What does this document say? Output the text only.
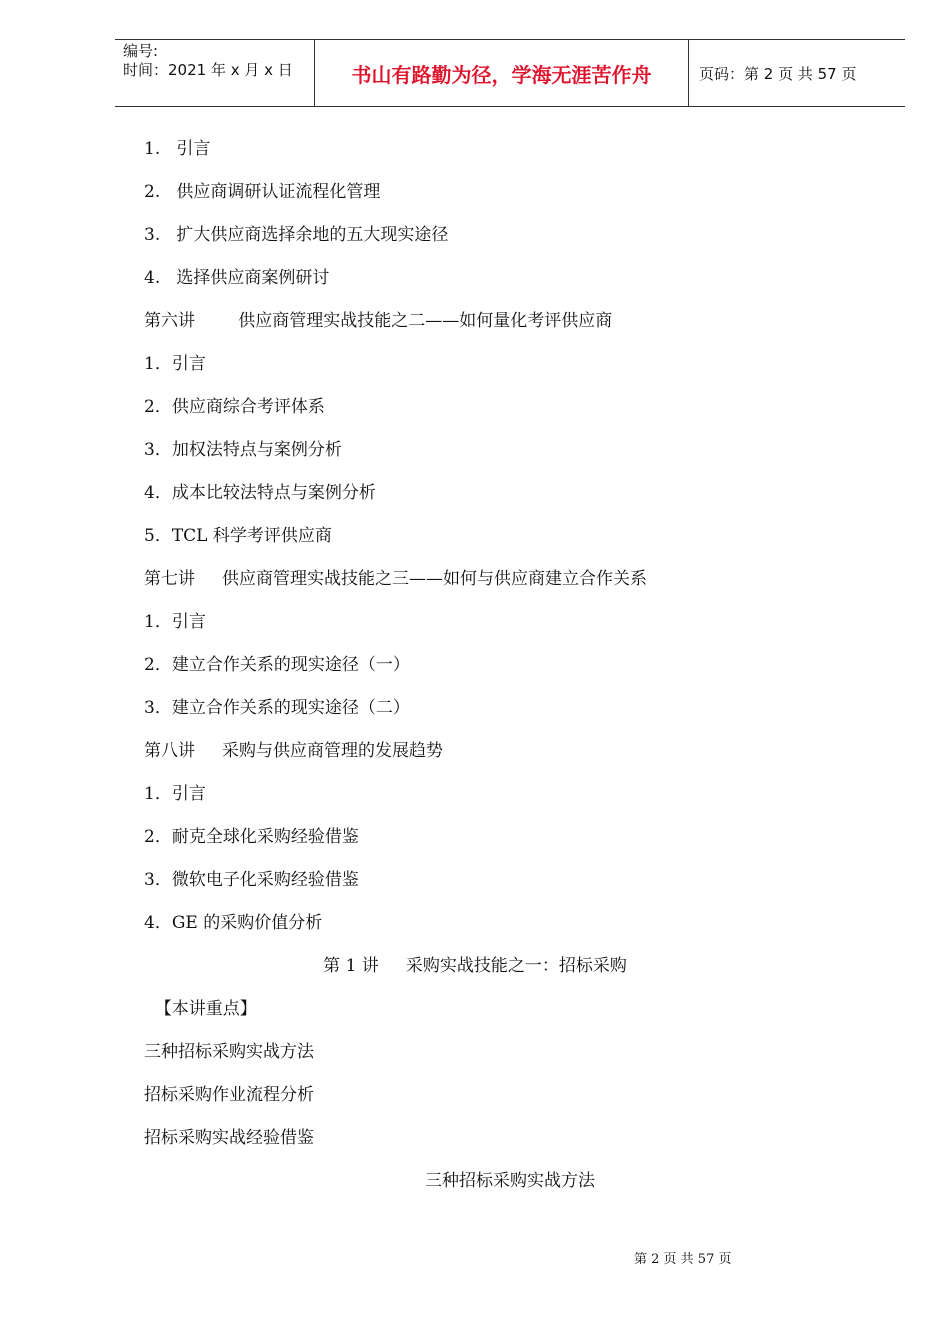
编号:
时间：2021 年 x 月 x 日	书山有路勤为径，学海无涯苦作舟	页码：第 2 页 共 57 页
1.   引言
2.   供应商调研认证流程化管理
3.   扩大供应商选择余地的五大现实途径
4.   选择供应商案例研讨
第六讲        供应商管理实战技能之二——如何量化考评供应商
1．引言
2．供应商综合考评体系
3．加权法特点与案例分析
4．成本比较法特点与案例分析
5．TCL 科学考评供应商
第七讲     供应商管理实战技能之三——如何与供应商建立合作关系
1．引言
2．建立合作关系的现实途径（一）
3．建立合作关系的现实途径（二）
第八讲     采购与供应商管理的发展趋势
1．引言
2．耐克全球化采购经验借鉴
3．微软电子化采购经验借鉴
4．GE 的采购价值分析
第 1 讲     采购实战技能之一：招标采购
【本讲重点】
三种招标采购实战方法
招标采购作业流程分析
招标采购实战经验借鉴
三种招标采购实战方法
第 2 页 共 57 页
